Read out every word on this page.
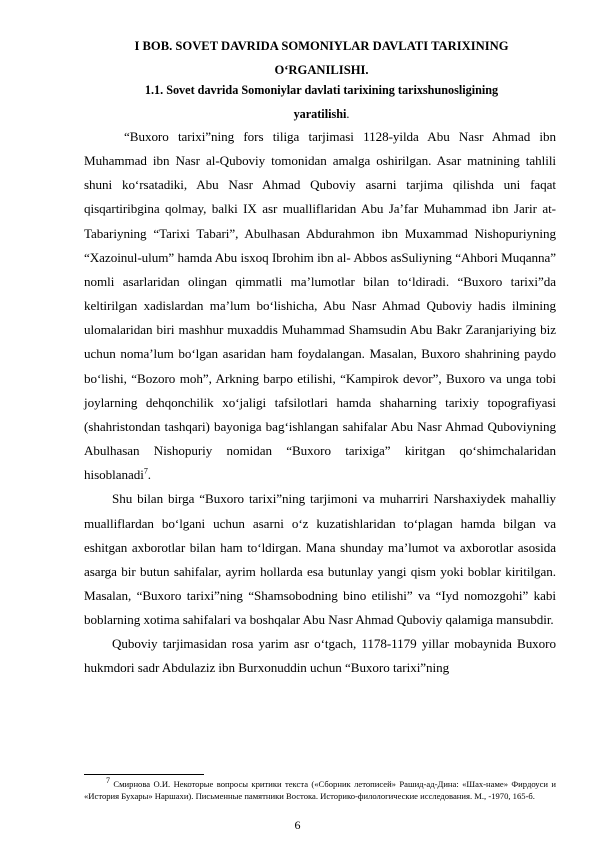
I BOB. SOVET DAVRIDA SOMONIYLAR DAVLATI TARIXINING
O‘RGANILISHI.
1.1. Sovet davrida Somoniylar davlati tarixining tarixshunosligining
yaratilishi.

“Buxoro tarixi”ning fors tiliga tarjimasi 1128-yilda Abu Nasr Ahmad ibn Muhammad ibn Nasr al-Quboviy tomonidan amalga oshirilgan. Asar matnining tahlili shuni ko‘rsatadiki, Abu Nasr Ahmad Quboviy asarni tarjima qilishda uni faqat qisqartiribgina qolmay, balki IX asr mualliflaridan Abu Ja’far Muhammad ibn Jarir at-Tabariyning “Tarixi Tabari”, Abulhasan Abdurahmon ibn Muxammad Nishopuriyning “Xazoinul-ulum” hamda Abu isxoq Ibrohim ibn al- Abbos asSuliyning “Ahbori Muqanna” nomli asarlaridan olingan qimmatli ma’lumotlar bilan to‘ldiradi. “Buxoro tarixi”da keltirilgan xadislardan ma’lum bo‘lishicha, Abu Nasr Ahmad Quboviy hadis ilmining ulomalaridan biri mashhur muxaddis Muhammad Shamsudin Abu Bakr Zaranjariying biz uchun noma’lum bo‘lgan asaridan ham foydalangan. Masalan, Buxoro shahrining paydo bo‘lishi, “Bozoro moh”, Arkning barpo etilishi, “Kampirok devor”, Buxoro va unga tobi joylarning dehqonchilik xo‘jaligi tafsilotlari hamda shaharning tarixiy topografiyasi (shahristondan tashqari) bayoniga bag‘ishlangan sahifalar Abu Nasr Ahmad Quboviyning Abulhasan Nishopuriy nomidan “Buxoro tarixiga” kiritgan qo‘shimchalaridan hisoblanadi$^7$.

Shu bilan birga “Buxoro tarixi”ning tarjimoni va muharriri Narshaxiydek mahalliy mualliflardan bo‘lgani uchun asarni o‘z kuzatishlaridan to‘plagan hamda bilgan va eshitgan axborotlar bilan ham to‘ldirgan. Mana shunday ma’lumot va axborotlar asosida asarga bir butun sahifalar, ayrim hollarda esa butunlay yangi qism yoki boblar kiritilgan. Masalan, “Buxoro tarixi”ning “Shamsobodning bino etilishi” va “Iyd nomozgohi” kabi boblarning xotima sahifalari va boshqalar Abu Nasr Ahmad Quboviy qalamiga mansubdir.

Quboviy tarjimasidan rosa yarim asr o‘tgach, 1178-1179 yillar mobaynida Buxoro hukmdori sadr Abdulaziz ibn Burxonuddin uchun “Buxoro tarixi”ning

$^7$ Смирнова О.И. Некоторые вопросы критики текста («Сборник летописей» Рашид-ад-Дина: «Шах-наме» Фирдоуси и «История Бухары» Наршахи). Письменные памятники Востока. Историко-филологические исследования. М., -1970, 165-б.
6
